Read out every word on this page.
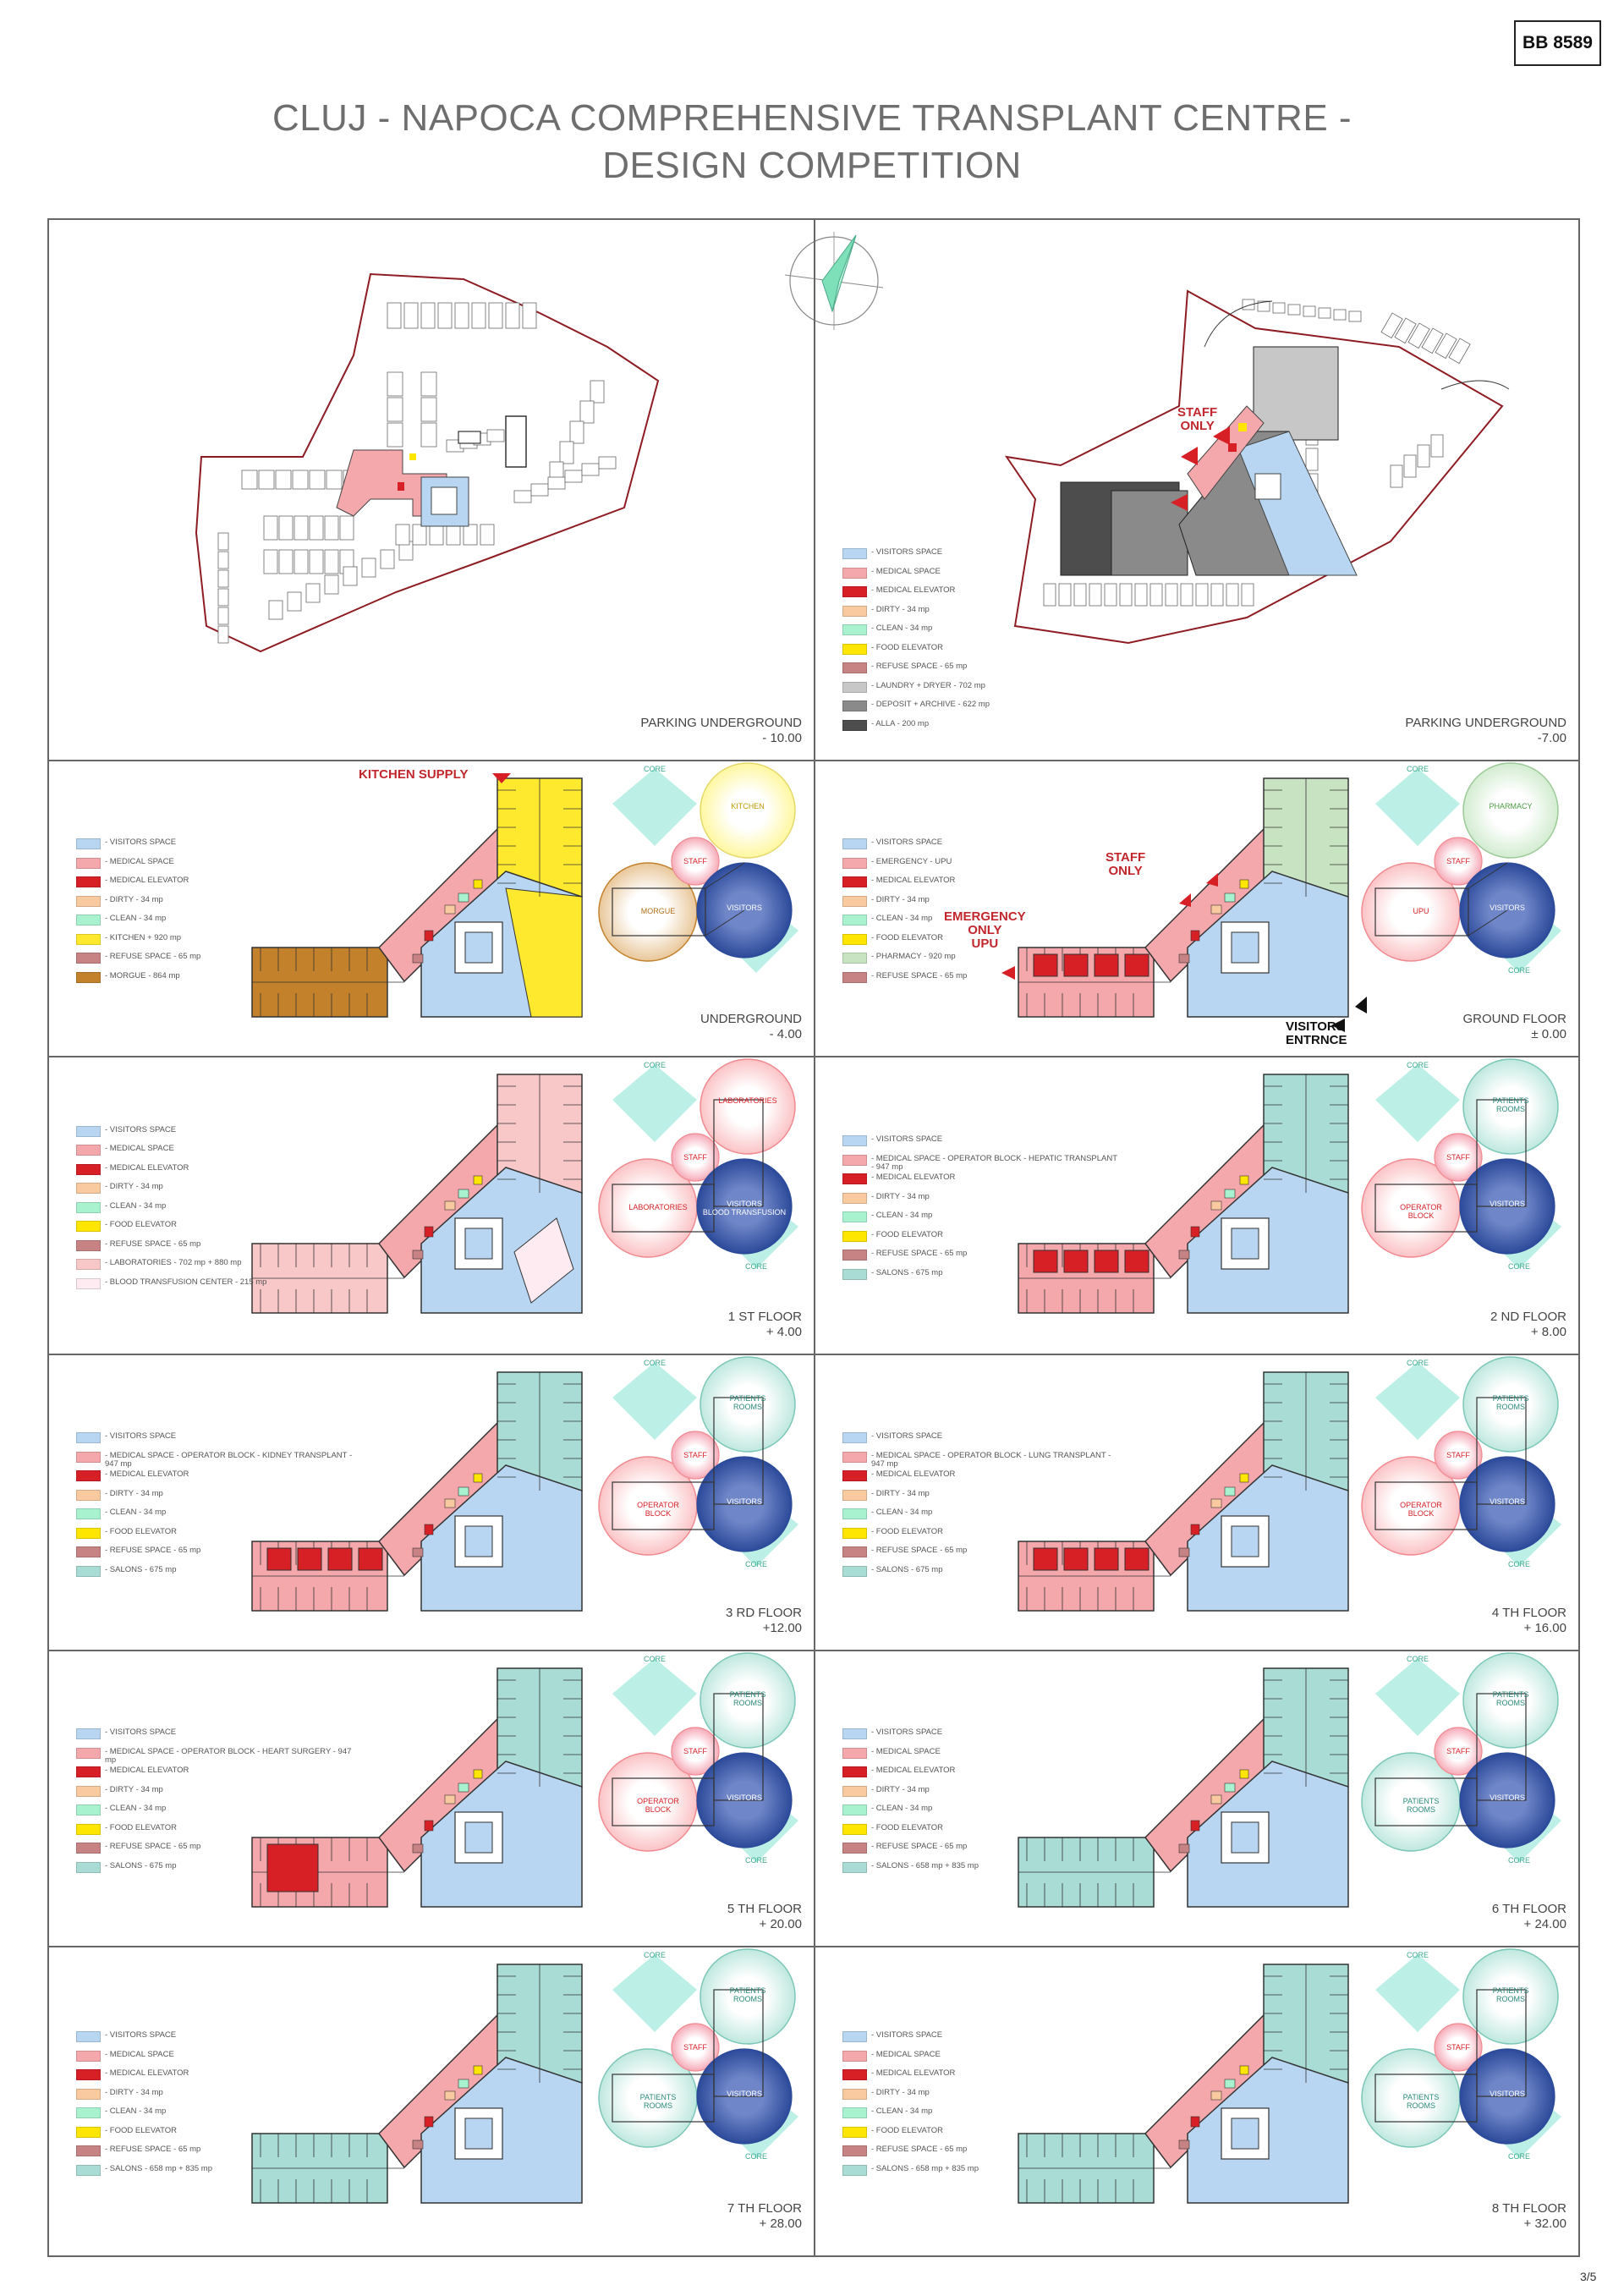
BB 8589
CLUJ - NAPOCA COMPREHENSIVE TRANSPLANT CENTRE -
DESIGN COMPETITION
PARKING UNDERGROUND
- 10.00
- VISITORS SPACE
- MEDICAL SPACE
- MEDICAL ELEVATOR
- DIRTY - 34 mp
- CLEAN - 34 mp
- FOOD ELEVATOR
- REFUSE SPACE - 65 mp
- LAUNDRY + DRYER - 702 mp
- DEPOSIT + ARCHIVE - 622 mp
- ALLA - 200 mp	PARKING UNDERGROUND
-7.00
STAFF
ONLY
CORE
STAFF
VISITORS
KITCHEN
MORGUE
- VISITORS SPACE
- MEDICAL SPACE
- MEDICAL ELEVATOR
- DIRTY - 34 mp
- CLEAN - 34 mp
- KITCHEN + 920 mp
- REFUSE SPACE - 65 mp
- MORGUE - 864 mp
UNDERGROUND
- 4.00
KITCHEN SUPPLY	CORE
STAFF
VISITORS
PHARMACY
UPU
CORE
- VISITORS SPACE
- EMERGENCY - UPU
- MEDICAL ELEVATOR
- DIRTY - 34 mp
- CLEAN - 34 mp
- FOOD ELEVATOR
- PHARMACY - 920 mp
- REFUSE SPACE - 65 mp
GROUND FLOOR
± 0.00
STAFF
ONLY
EMERGENCY
ONLY
UPU
VISITORS
ENTRNCE
CORE
STAFF
VISITORS BLOOD TRANSFUSION
LABORATORIES
LABORATORIES
CORE
- VISITORS SPACE
- MEDICAL SPACE
- MEDICAL ELEVATOR
- DIRTY - 34 mp
- CLEAN - 34 mp
- FOOD ELEVATOR
- REFUSE SPACE - 65 mp
- LABORATORIES - 702 mp + 880 mp
- BLOOD TRANSFUSION CENTER - 215 mp
1 ST FLOOR
+ 4.00
CORE
STAFF
VISITORS
PATIENTS ROOMS
OPERATOR BLOCK
CORE
- VISITORS SPACE
- MEDICAL SPACE - OPERATOR BLOCK - HEPATIC TRANSPLANT - 947 mp
- MEDICAL ELEVATOR
- DIRTY - 34 mp
- CLEAN - 34 mp
- FOOD ELEVATOR
- REFUSE SPACE - 65 mp
- SALONS - 675 mp
2 ND FLOOR
+ 8.00
CORE
STAFF
VISITORS
PATIENTS ROOMS
OPERATOR BLOCK
CORE
- VISITORS SPACE
- MEDICAL SPACE - OPERATOR BLOCK - KIDNEY TRANSPLANT - 947 mp
- MEDICAL ELEVATOR
- DIRTY - 34 mp
- CLEAN - 34 mp
- FOOD ELEVATOR
- REFUSE SPACE - 65 mp
- SALONS - 675 mp
3 RD FLOOR
+12.00
CORE
STAFF
VISITORS
PATIENTS ROOMS
OPERATOR BLOCK
CORE
- VISITORS SPACE
- MEDICAL SPACE - OPERATOR BLOCK - LUNG TRANSPLANT - 947 mp
- MEDICAL ELEVATOR
- DIRTY - 34 mp
- CLEAN - 34 mp
- FOOD ELEVATOR
- REFUSE SPACE - 65 mp
- SALONS - 675 mp
4 TH FLOOR
+ 16.00
CORE
STAFF
VISITORS
PATIENTS ROOMS
OPERATOR BLOCK
CORE
- VISITORS SPACE
- MEDICAL SPACE - OPERATOR BLOCK - HEART SURGERY - 947 mp
- MEDICAL ELEVATOR
- DIRTY - 34 mp
- CLEAN - 34 mp
- FOOD ELEVATOR
- REFUSE SPACE - 65 mp
- SALONS - 675 mp
5 TH FLOOR
+ 20.00
CORE
STAFF
VISITORS
PATIENTS ROOMS
PATIENTS ROOMS
CORE
- VISITORS SPACE
- MEDICAL SPACE
- MEDICAL ELEVATOR
- DIRTY - 34 mp
- CLEAN - 34 mp
- FOOD ELEVATOR
- REFUSE SPACE - 65 mp
- SALONS - 658 mp + 835 mp
6 TH FLOOR
+ 24.00
CORE
STAFF
VISITORS
PATIENTS ROOMS
PATIENTS ROOMS
CORE
- VISITORS SPACE
- MEDICAL SPACE
- MEDICAL ELEVATOR
- DIRTY - 34 mp
- CLEAN - 34 mp
- FOOD ELEVATOR
- REFUSE SPACE - 65 mp
- SALONS - 658 mp + 835 mp
7 TH FLOOR
+ 28.00
CORE
STAFF
VISITORS
PATIENTS ROOMS
PATIENTS ROOMS
CORE
- VISITORS SPACE
- MEDICAL SPACE
- MEDICAL ELEVATOR
- DIRTY - 34 mp
- CLEAN - 34 mp
- FOOD ELEVATOR
- REFUSE SPACE - 65 mp
- SALONS - 658 mp + 835 mp
8 TH FLOOR
+ 32.00
3/5
